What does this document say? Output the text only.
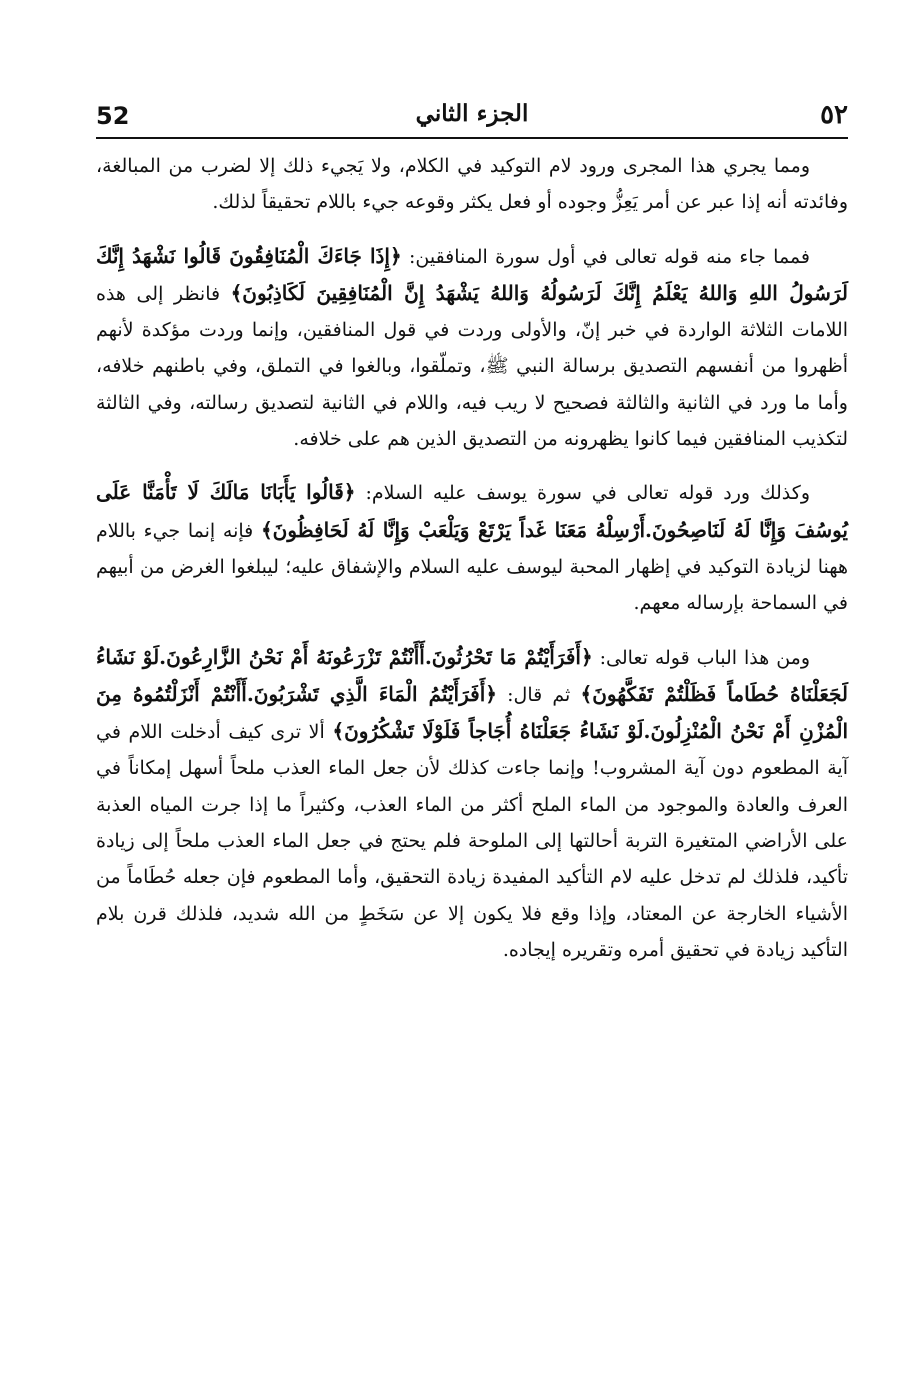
52	الجزء الثاني	٥٢

ومما يجري هذا المجرى ورود لام التوكيد في الكلام، ولا يَجيء ذلك إلا لضرب من المبالغة، وفائدته أنه إذا عبر عن أمر يَعِزُّ وجوده أو فعل يكثر وقوعه جيء باللام تحقيقاً لذلك.

فمما جاء منه قوله تعالى في أول سورة المنافقين: ﴿إِذَا جَاءَكَ الْمُنَافِقُونَ قَالُوا نَشْهَدُ إِنَّكَ لَرَسُولُ اللهِ وَاللهُ يَعْلَمُ إِنَّكَ لَرَسُولُهُ وَاللهُ يَشْهَدُ إِنَّ الْمُنَافِقِينَ لَكَاذِبُونَ﴾ فانظر إلى هذه اللامات الثلاثة الواردة في خبر إنّ، والأولى وردت في قول المنافقين، وإنما وردت مؤكدة لأنهم أظهروا من أنفسهم التصديق برسالة النبي ﷺ، وتملّقوا، وبالغوا في التملق، وفي باطنهم خلافه، وأما ما ورد في الثانية والثالثة فصحيح لا ريب فيه، واللام في الثانية لتصديق رسالته، وفي الثالثة لتكذيب المنافقين فيما كانوا يظهرونه من التصديق الذين هم على خلافه.

وكذلك ورد قوله تعالى في سورة يوسف عليه السلام: ﴿قَالُوا يَأَبَانَا مَالَكَ لَا تَأْمَنَّا عَلَى يُوسُفَ وَإِنَّا لَهُ لَنَاصِحُونَ.أَرْسِلْهُ مَعَنَا غَداً يَرْتَعْ وَيَلْعَبْ وَإِنَّا لَهُ لَحَافِظُونَ﴾ فإنه إنما جيء باللام ههنا لزيادة التوكيد في إظهار المحبة ليوسف عليه السلام والإشفاق عليه؛ ليبلغوا الغرض من أبيهم في السماحة بإرساله معهم.

ومن هذا الباب قوله تعالى: ﴿أَفَرَأَيْتُمْ مَا تَحْرُثُونَ.أَأَنْتُمْ تَزْرَعُونَهُ أَمْ نَحْنُ الزَّارِعُونَ.لَوْ نَشَاءُ لَجَعَلْنَاهُ حُطَاماً فَظَلْتُمْ تَفَكَّهُونَ﴾ ثم قال: ﴿أَفَرَأَيْتُمُ الْمَاءَ الَّذِي تَشْرَبُونَ.أَأَنْتُمْ أَنْزَلْتُمُوهُ مِنَ الْمُزْنِ أَمْ نَحْنُ الْمُنْزِلُونَ.لَوْ نَشَاءُ جَعَلْنَاهُ أُجَاجاً فَلَوْلَا تَشْكُرُونَ﴾ ألا ترى كيف أدخلت اللام في آية المطعوم دون آية المشروب! وإنما جاءت كذلك لأن جعل الماء العذب ملحاً أسهل إمكاناً في العرف والعادة والموجود من الماء الملح أكثر من الماء العذب، وكثيراً ما إذا جرت المياه العذبة على الأراضي المتغيرة التربة أحالتها إلى الملوحة فلم يحتج في جعل الماء العذب ملحاً إلى زيادة تأكيد، فلذلك لم تدخل عليه لام التأكيد المفيدة زيادة التحقيق، وأما المطعوم فإن جعله حُطَاماً من الأشياء الخارجة عن المعتاد، وإذا وقع فلا يكون إلا عن سَخَطٍ من الله شديد، فلذلك قرن بلام التأكيد زيادة في تحقيق أمره وتقريره إيجاده.
